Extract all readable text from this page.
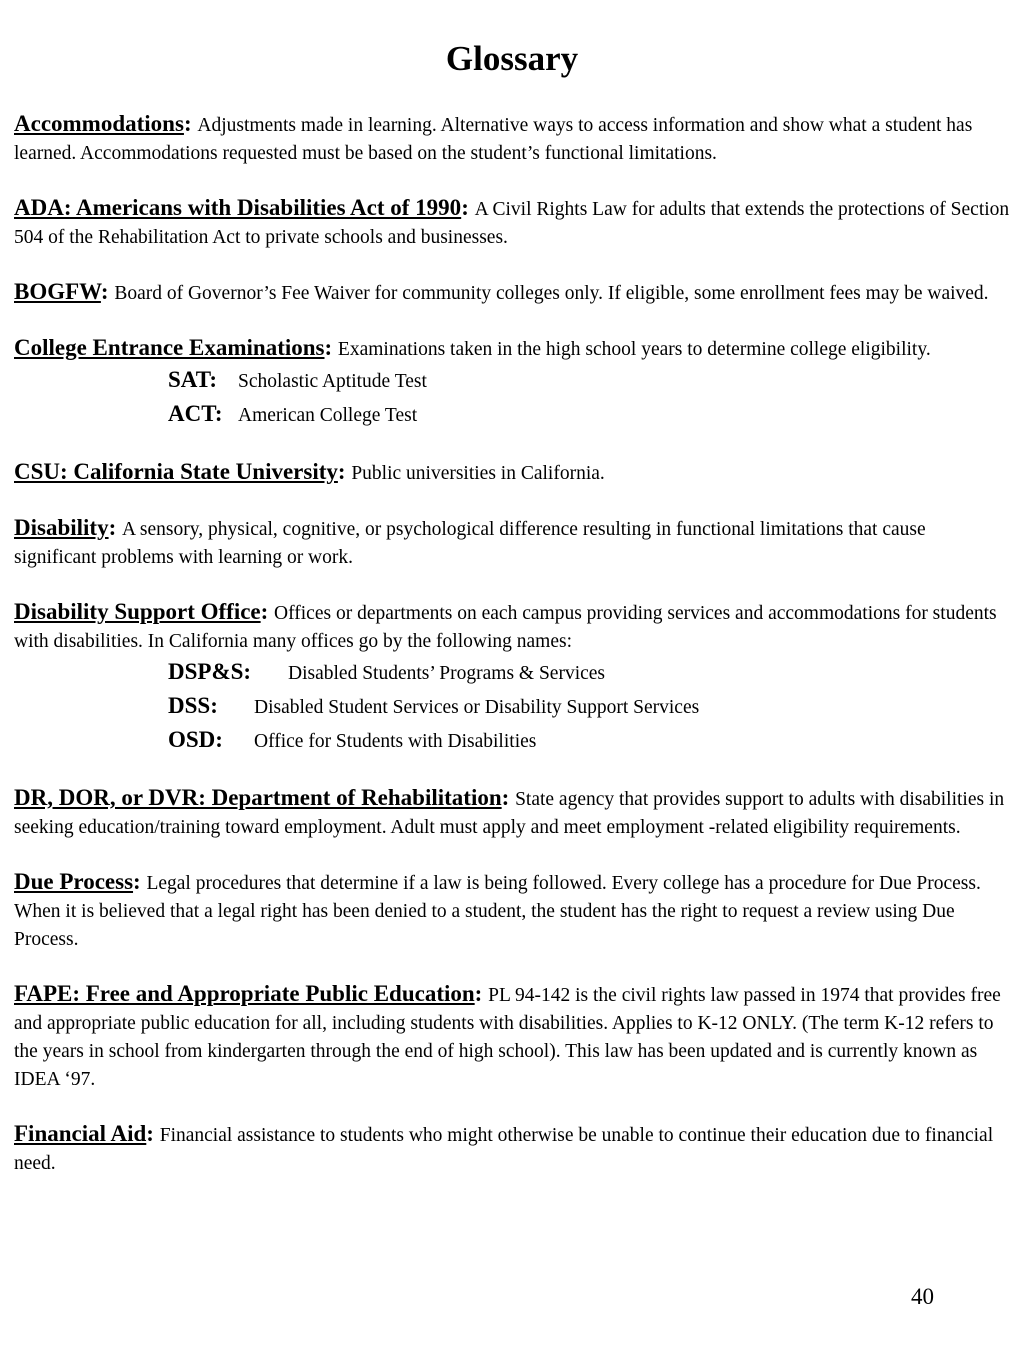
Glossary
Accommodations: Adjustments made in learning. Alternative ways to access information and show what a student has learned. Accommodations requested must be based on the student’s functional limitations.
ADA: Americans with Disabilities Act of 1990: A Civil Rights Law for adults that extends the protections of Section 504 of the Rehabilitation Act to private schools and businesses.
BOGFW: Board of Governor’s Fee Waiver for community colleges only. If eligible, some enrollment fees may be waived.
College Entrance Examinations: Examinations taken in the high school years to determine college eligibility.
SAT: Scholastic Aptitude Test
ACT: American College Test
CSU: California State University: Public universities in California.
Disability: A sensory, physical, cognitive, or psychological difference resulting in functional limitations that cause significant problems with learning or work.
Disability Support Office: Offices or departments on each campus providing services and accommodations for students with disabilities. In California many offices go by the following names:
DSP&S: Disabled Students’ Programs & Services
DSS: Disabled Student Services or Disability Support Services
OSD: Office for Students with Disabilities
DR, DOR, or DVR: Department of Rehabilitation: State agency that provides support to adults with disabilities in seeking education/training toward employment. Adult must apply and meet employment -related eligibility requirements.
Due Process: Legal procedures that determine if a law is being followed. Every college has a procedure for Due Process. When it is believed that a legal right has been denied to a student, the student has the right to request a review using Due Process.
FAPE: Free and Appropriate Public Education: PL 94-142 is the civil rights law passed in 1974 that provides free and appropriate public education for all, including students with disabilities. Applies to K-12 ONLY. (The term K-12 refers to the years in school from kindergarten through the end of high school). This law has been updated and is currently known as IDEA ‘97.
Financial Aid: Financial assistance to students who might otherwise be unable to continue their education due to financial need.
40
